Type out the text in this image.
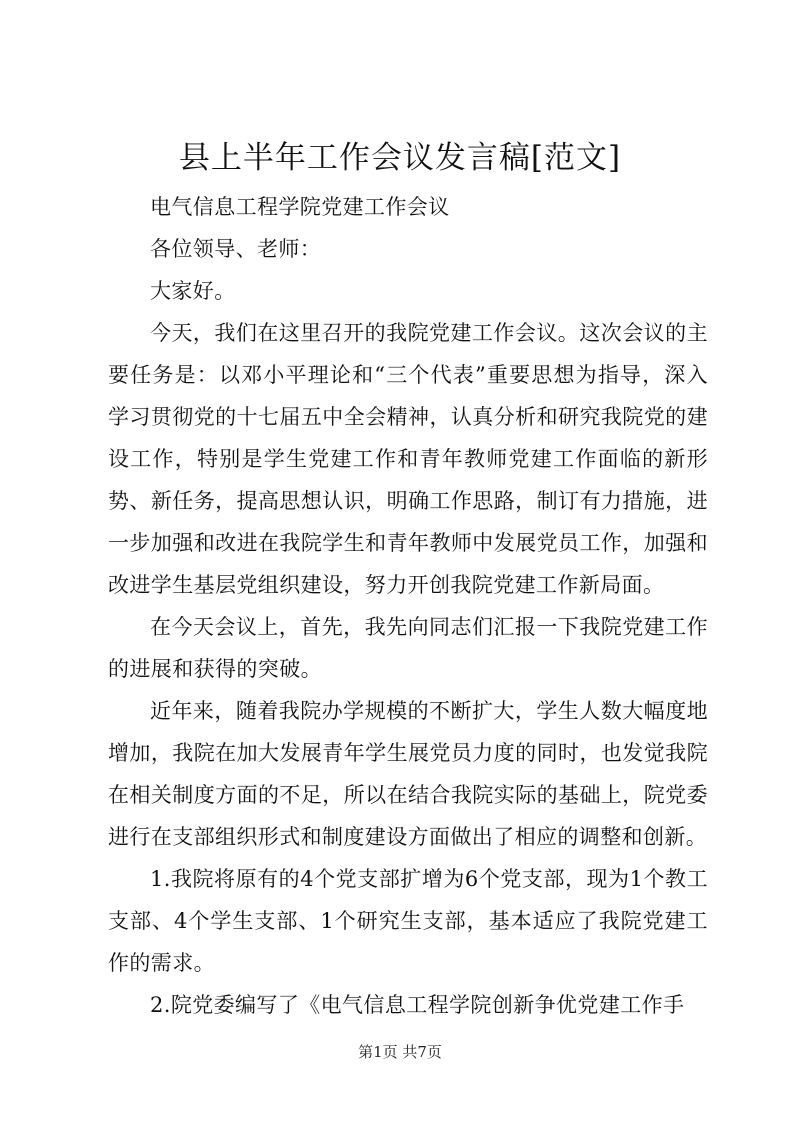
县上半年工作会议发言稿[范文]

电气信息工程学院党建工作会议

各位领导、老师：

大家好。

今天，我们在这里召开的我院党建工作会议。这次会议的主要任务是：以邓小平理论和“三个代表”重要思想为指导，深入学习贯彻党的十七届五中全会精神，认真分析和研究我院党的建设工作，特别是学生党建工作和青年教师党建工作面临的新形势、新任务，提高思想认识，明确工作思路，制订有力措施，进一步加强和改进在我院学生和青年教师中发展党员工作，加强和改进学生基层党组织建设，努力开创我院党建工作新局面。

在今天会议上，首先，我先向同志们汇报一下我院党建工作的进展和获得的突破。

近年来，随着我院办学规模的不断扩大，学生人数大幅度地增加，我院在加大发展青年学生展党员力度的同时，也发觉我院在相关制度方面的不足，所以在结合我院实际的基础上，院党委进行在支部组织形式和制度建设方面做出了相应的调整和创新。

1.我院将原有的4个党支部扩增为6个党支部，现为1个教工支部、4个学生支部、1个研究生支部，基本适应了我院党建工作的需求。

2.院党委编写了《电气信息工程学院创新争优党建工作手

第1页 共7页
